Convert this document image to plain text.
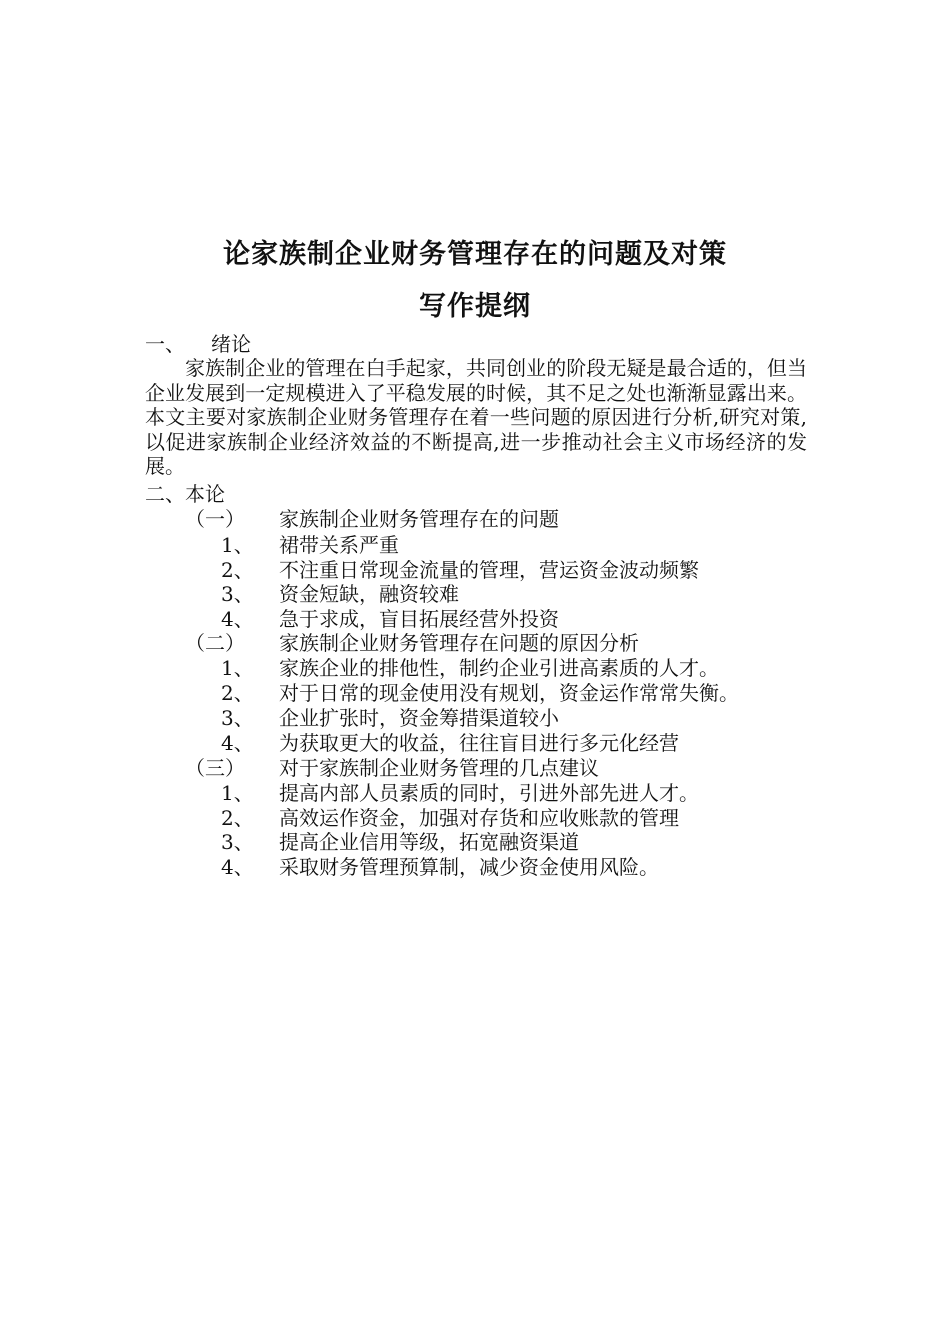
论家族制企业财务管理存在的问题及对策
写作提纲
一、 绪论

家族制企业的管理在白手起家，共同创业的阶段无疑是最合适的，但当企业发展到一定规模进入了平稳发展的时候，其不足之处也渐渐显露出来。本文主要对家族制企业财务管理存在着一些问题的原因进行分析,研究对策,以促进家族制企业经济效益的不断提高,进一步推动社会主义市场经济的发展。

二、本论
（一） 家族制企业财务管理存在的问题
1、 裙带关系严重
2、 不注重日常现金流量的管理，营运资金波动频繁
3、 资金短缺，融资较难
4、 急于求成，盲目拓展经营外投资
（二） 家族制企业财务管理存在问题的原因分析
1、 家族企业的排他性，制约企业引进高素质的人才。
2、 对于日常的现金使用没有规划，资金运作常常失衡。
3、 企业扩张时，资金筹措渠道较小
4、 为获取更大的收益，往往盲目进行多元化经营
（三） 对于家族制企业财务管理的几点建议
1、 提高内部人员素质的同时，引进外部先进人才。
2、 高效运作资金，加强对存货和应收账款的管理
3、 提高企业信用等级，拓宽融资渠道
4、 采取财务管理预算制，减少资金使用风险。
